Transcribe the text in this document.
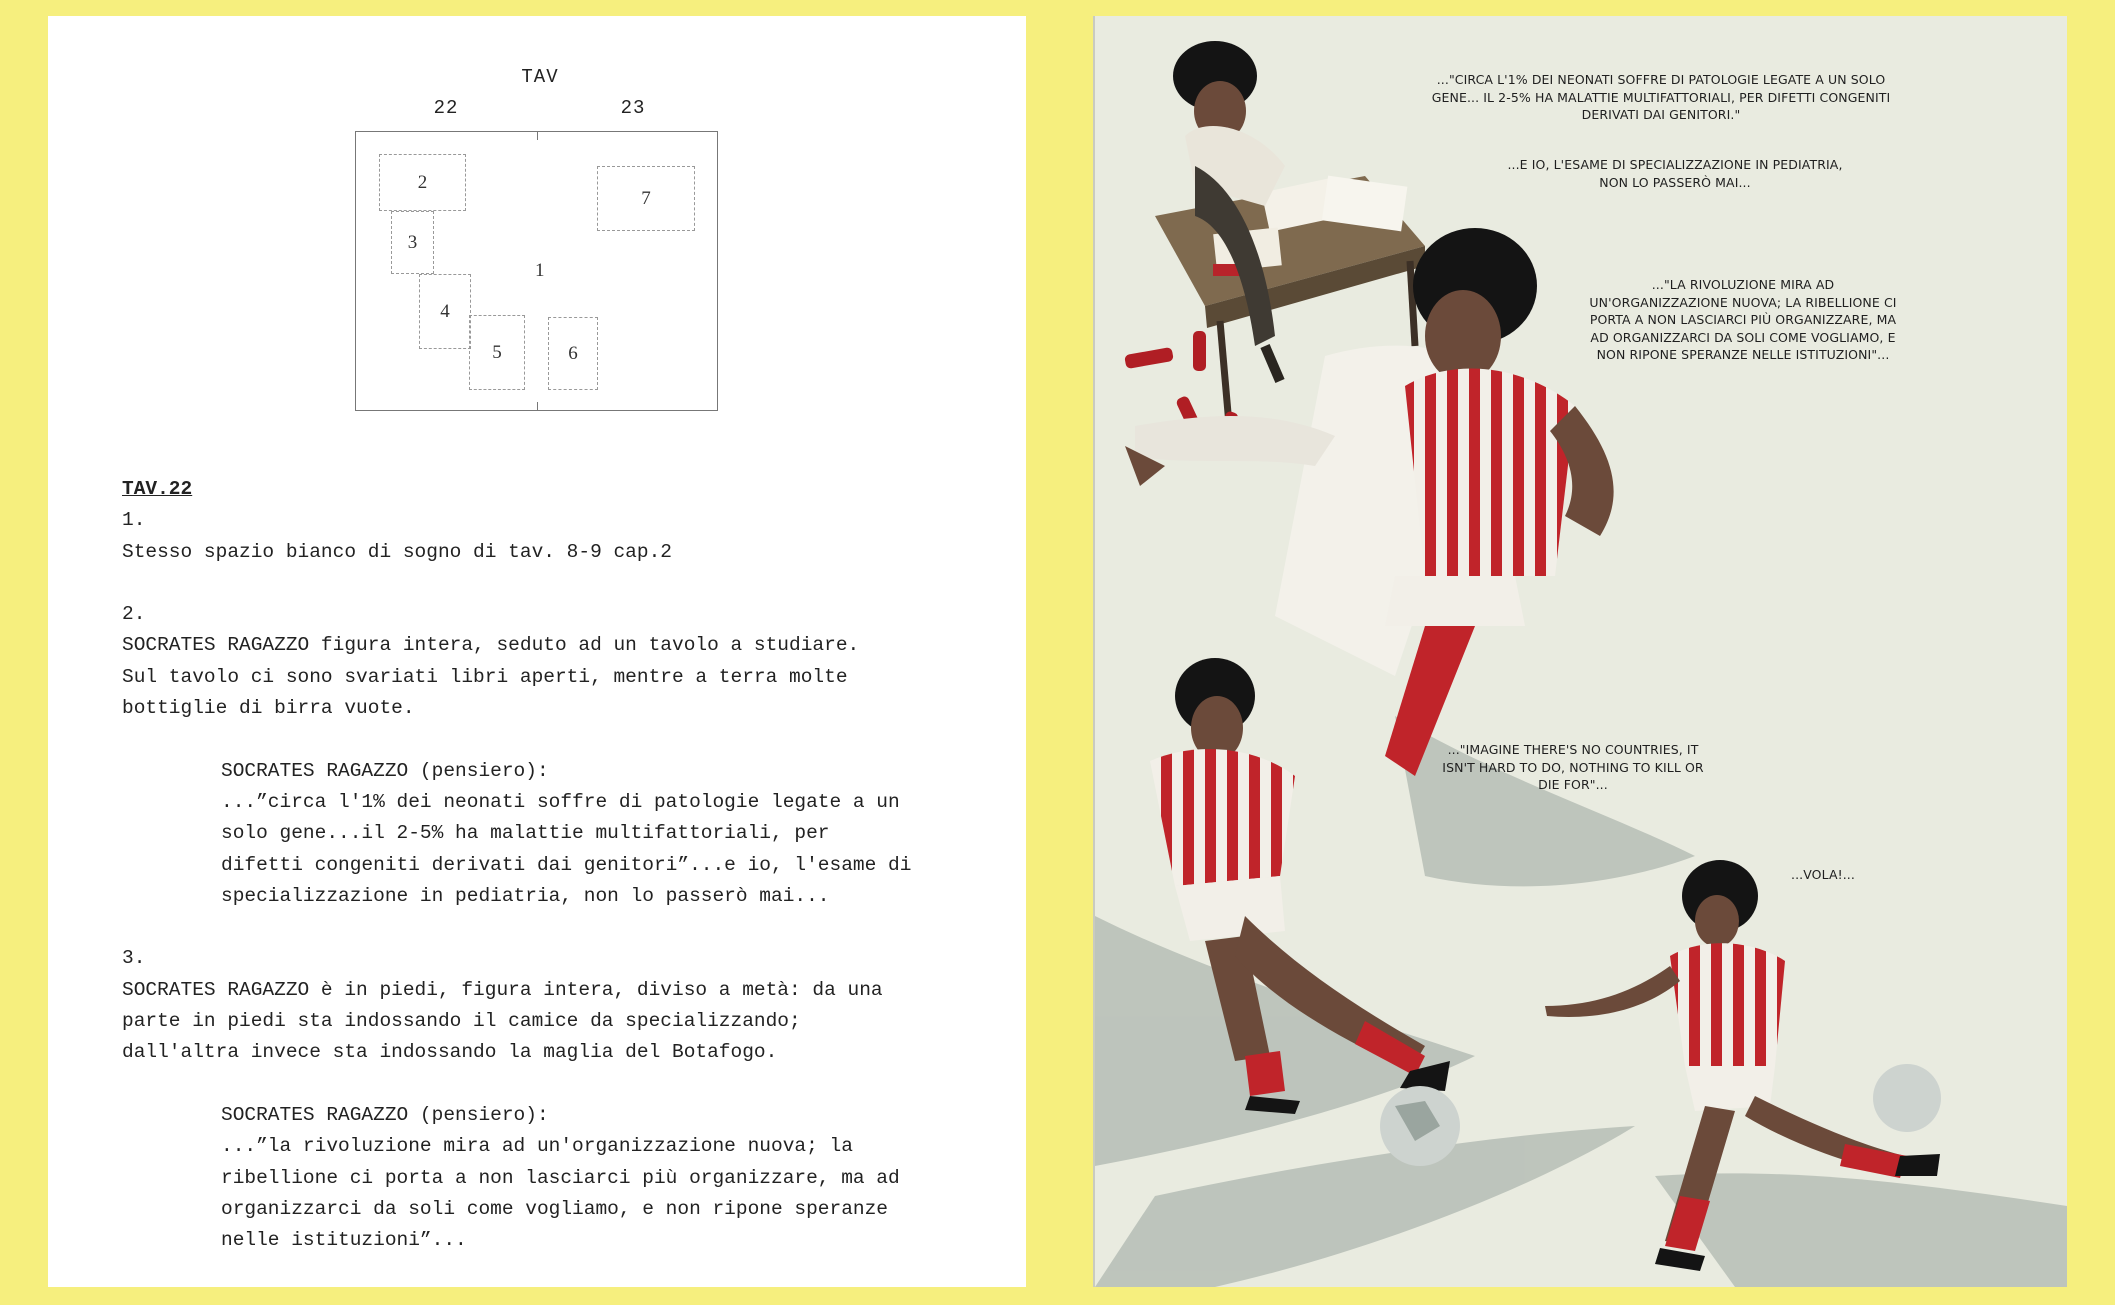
TAV
22	23
1
2
3
4
5	6
7

TAV.22

1.

Stesso spazio bianco di sogno di tav. 8-9 cap.2

2.

SOCRATES RAGAZZO figura intera, seduto ad un tavolo a studiare.

Sul tavolo ci sono svariati libri aperti, mentre a terra molte

bottiglie di birra vuote.

SOCRATES RAGAZZO (pensiero):

...”circa l'1% dei neonati soffre di patologie legate a un

solo gene...il 2-5% ha malattie multifattoriali, per

difetti congeniti derivati dai genitori”...e io, l'esame di

specializzazione in pediatria, non lo passerò mai...

3.

SOCRATES RAGAZZO è in piedi, figura intera, diviso a metà: da una

parte in piedi sta indossando il camice da specializzando;

dall'altra invece sta indossando la maglia del Botafogo.

SOCRATES RAGAZZO (pensiero):

...”la rivoluzione mira ad un'organizzazione nuova; la

ribellione ci porta a non lasciarci più organizzare, ma ad

organizzarci da soli come vogliamo, e non ripone speranze

nelle istituzioni”...

..."CIRCA L'1% DEI NEONATI SOFFRE DI PATOLOGIE LEGATE A UN SOLO
GENE... IL 2-5% HA MALATTIE MULTIFATTORIALI, PER DIFETTI CONGENITI
DERIVATI DAI GENITORI."
...E IO, L'ESAME DI SPECIALIZZAZIONE IN PEDIATRIA,
NON LO PASSERÒ MAI...
..."LA RIVOLUZIONE MIRA AD
UN'ORGANIZZAZIONE NUOVA; LA RIBELLIONE CI
PORTA A NON LASCIARCI PIÙ ORGANIZZARE, MA
AD ORGANIZZARCI DA SOLI COME VOGLIAMO, E
NON RIPONE SPERANZE NELLE ISTITUZIONI"...
..."IMAGINE THERE'S NO COUNTRIES, IT
ISN'T HARD TO DO, NOTHING TO KILL OR
DIE FOR"...
...VOLA!...
